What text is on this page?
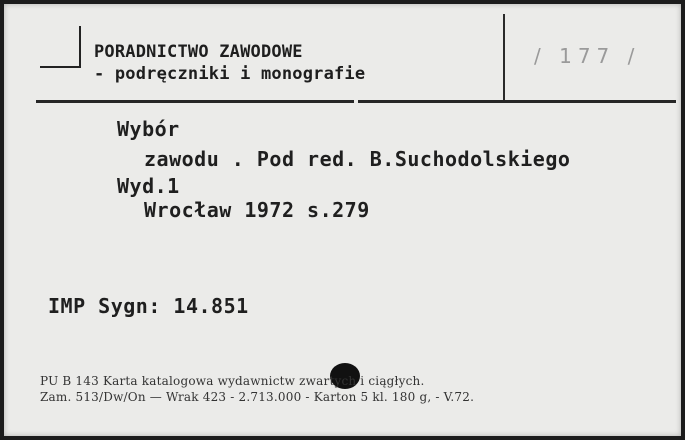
PORADNICTWO ZAWODOWE
- podręczniki i monografie
/ 177 /
Wybór
zawodu . Pod red. B.Suchodolskiego
Wyd.1
Wrocław 1972 s.279
IMP Sygn: 14.851
PU B 143 Karta katalogowa wydawnictw zwartych i ciągłych.
Zam. 513/Dw/On — Wrak 423 - 2.713.000 - Karton 5 kl. 180 g, - V.72.
